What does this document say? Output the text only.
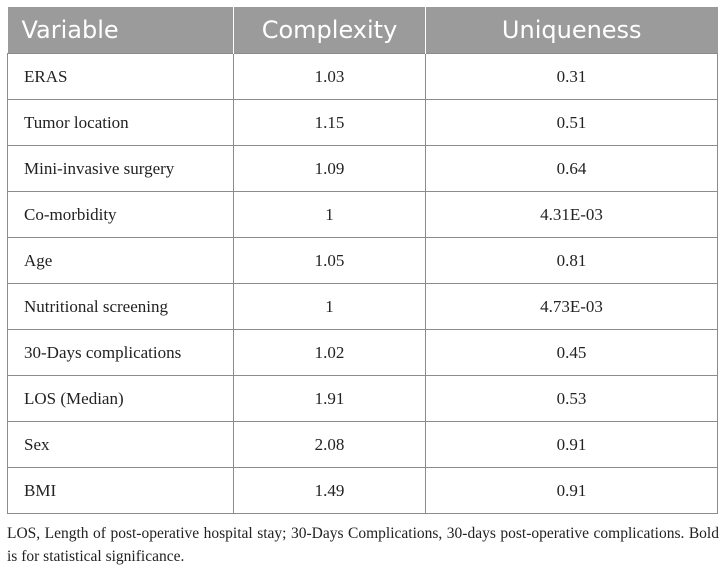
Variable	Complexity	Uniqueness
ERAS	1.03	0.31
Tumor location	1.15	0.51
Mini-invasive surgery	1.09	0.64
Co-morbidity	1	4.31E-03
Age	1.05	0.81
Nutritional screening	1	4.73E-03
30-Days complications	1.02	0.45
LOS (Median)	1.91	0.53
Sex	2.08	0.91
BMI	1.49	0.91

LOS, Length of post-operative hospital stay; 30-Days Complications, 30-days post-operative complications. Bold is for statistical significance.
